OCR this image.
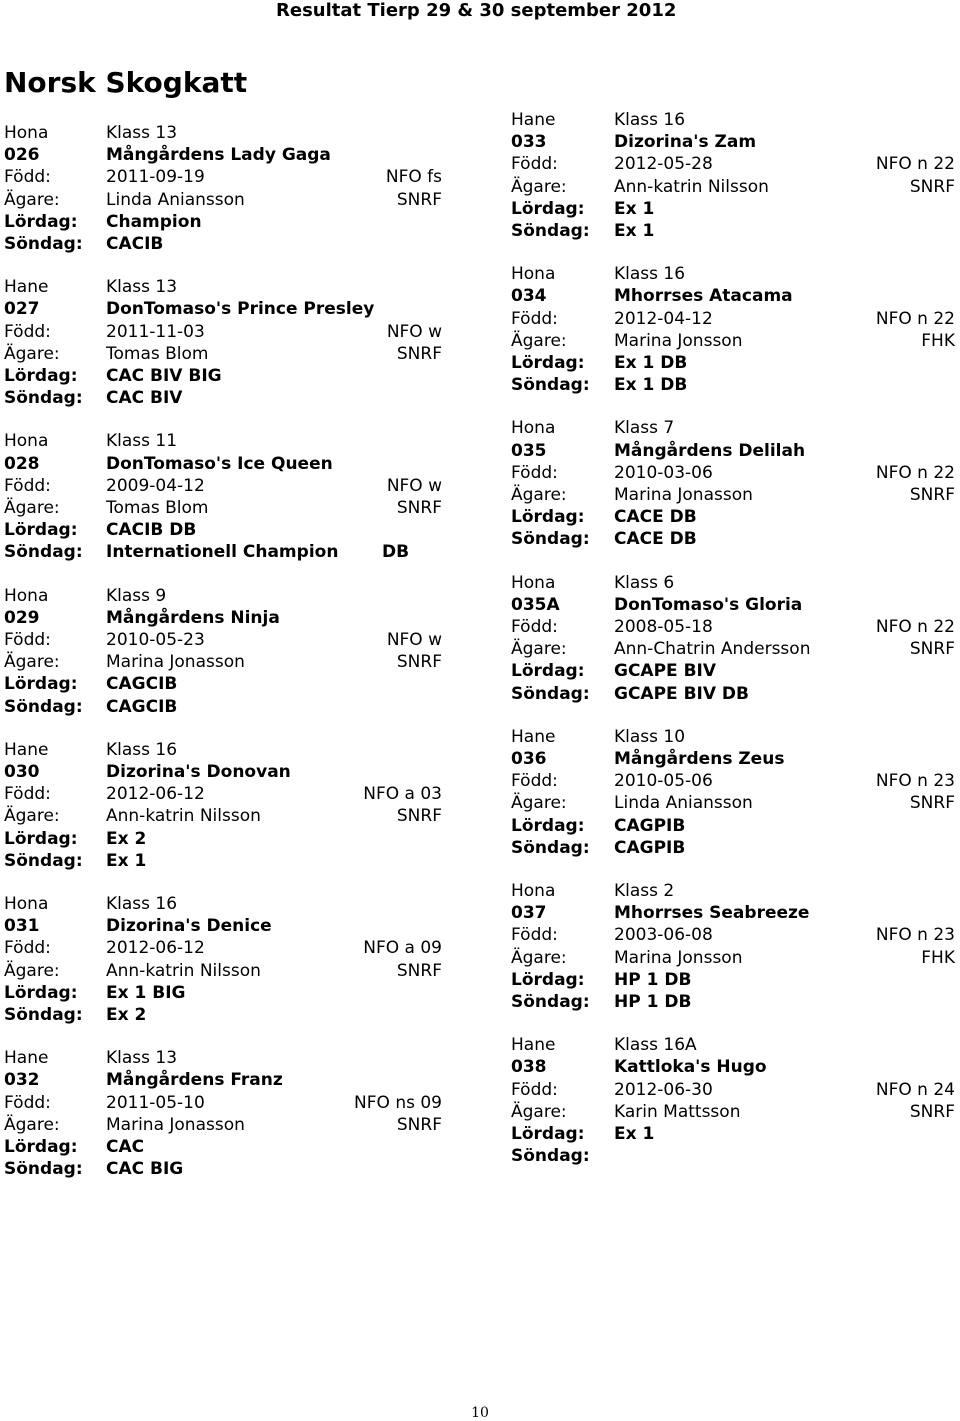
Resultat Tierp 29 & 30 september 2012
Norsk Skogkatt
Hona	Klass 13
026	Mångårdens Lady Gaga
Född:	2011-09-19	NFO fs
Ägare:	Linda Aniansson	SNRF
Lördag: Champion
Söndag: CACIB
Hane	Klass 13
027	DonTomaso's Prince Presley
Född:	2011-11-03	NFO w
Ägare:	Tomas Blom	SNRF
Lördag: CAC BIV BIG
Söndag: CAC BIV
Hona	Klass 11
028	DonTomaso's Ice Queen
Född:	2009-04-12	NFO w
Ägare:	Tomas Blom	SNRF
Lördag: CACIB DB
Söndag: Internationell Champion	DB
Hona	Klass 9
029	Mångårdens Ninja
Född:	2010-05-23	NFO w
Ägare:	Marina Jonasson	SNRF
Lördag: CAGCIB
Söndag: CAGCIB
Hane	Klass 16
030	Dizorina's Donovan
Född:	2012-06-12	NFO a 03
Ägare:	Ann-katrin Nilsson	SNRF
Lördag: Ex 2
Söndag: Ex 1
Hona	Klass 16
031	Dizorina's Denice
Född:	2012-06-12	NFO a 09
Ägare:	Ann-katrin Nilsson	SNRF
Lördag: Ex 1 BIG
Söndag: Ex 2
Hane	Klass 13
032	Mångårdens Franz
Född:	2011-05-10	NFO ns 09
Ägare:	Marina Jonasson	SNRF
Lördag: CAC
Söndag: CAC BIG
Hane	Klass 16
033	Dizorina's Zam
Född:	2012-05-28	NFO n 22
Ägare:	Ann-katrin Nilsson	SNRF
Lördag: Ex 1
Söndag: Ex 1
Hona	Klass 16
034	Mhorrses Atacama
Född:	2012-04-12	NFO n 22
Ägare:	Marina Jonsson	FHK
Lördag: Ex 1 DB
Söndag: Ex 1 DB
Hona	Klass 7
035	Mångårdens Delilah
Född:	2010-03-06	NFO n 22
Ägare:	Marina Jonasson	SNRF
Lördag: CACE DB
Söndag: CACE DB
Hona	Klass 6
035A	DonTomaso's Gloria
Född:	2008-05-18	NFO n 22
Ägare:	Ann-Chatrin Andersson	SNRF
Lördag: GCAPE BIV
Söndag: GCAPE BIV DB
Hane	Klass 10
036	Mångårdens Zeus
Född:	2010-05-06	NFO n 23
Ägare:	Linda Aniansson	SNRF
Lördag: CAGPIB
Söndag: CAGPIB
Hona	Klass 2
037	Mhorrses Seabreeze
Född:	2003-06-08	NFO n 23
Ägare:	Marina Jonsson	FHK
Lördag: HP 1 DB
Söndag: HP 1 DB
Hane	Klass 16A
038	Kattloka's Hugo
Född:	2012-06-30	NFO n 24
Ägare:	Karin Mattsson	SNRF
Lördag: Ex 1
Söndag:
10
